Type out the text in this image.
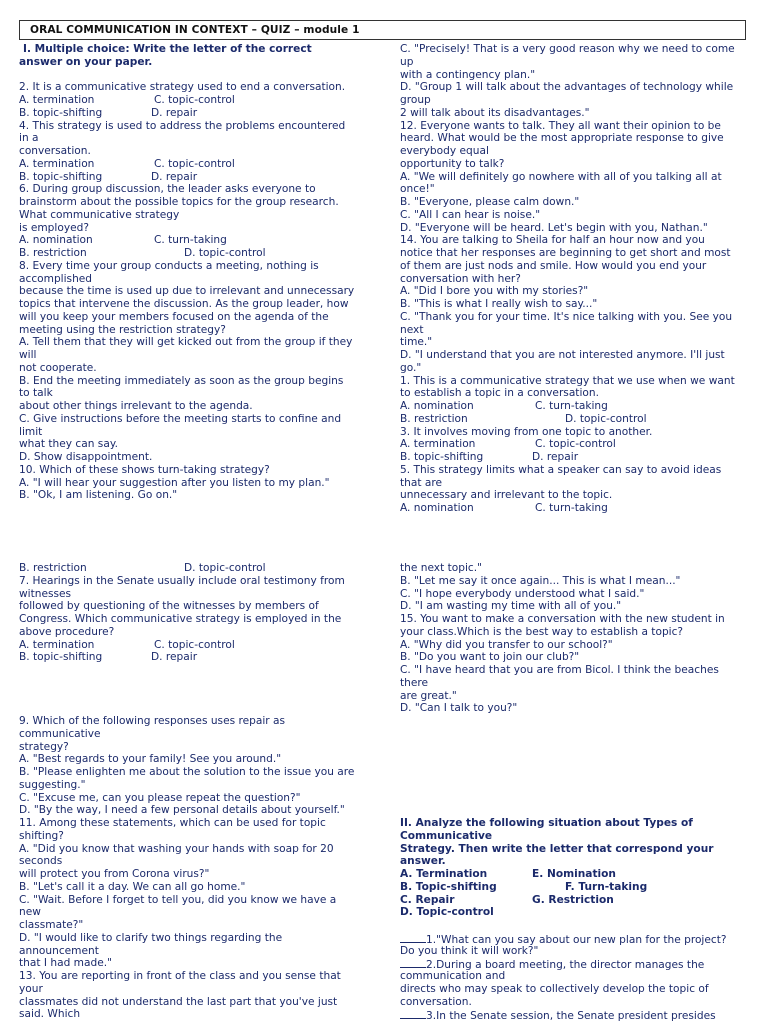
ORAL COMMUNICATION IN CONTEXT – QUIZ – module 1
I. Multiple choice: Write the letter of the correct
answer on your paper.
2. It is a communicative strategy used to end a conversation.
A. termination	C. topic-control
B. topic-shifting	D. repair
4. This strategy is used to address the problems encountered
in a
conversation.
A. termination	C. topic-control
B. topic-shifting	D. repair
6. During group discussion, the leader asks everyone to
brainstorm about the possible topics for the group research.
What communicative strategy
is employed?
A. nomination	C. turn-taking
B. restriction	D. topic-control
8. Every time your group conducts a meeting, nothing is
accomplished
because the time is used up due to irrelevant and unnecessary
topics that intervene the discussion. As the group leader, how
will you keep your members focused on the agenda of the
meeting using the restriction strategy?
A. Tell them that they will get kicked out from the group if they
will
not cooperate.
B. End the meeting immediately as soon as the group begins
to talk
about other things irrelevant to the agenda.
C. Give instructions before the meeting starts to confine and
limit
what they can say.
D. Show disappointment.
10. Which of these shows turn-taking strategy?
A. "I will hear your suggestion after you listen to my plan."
B. "Ok, I am listening. Go on."
C. "Precisely! That is a very good reason why we need to come
up
with a contingency plan."
D. "Group 1 will talk about the advantages of technology while
group
2 will talk about its disadvantages."
12. Everyone wants to talk. They all want their opinion to be
heard. What would be the most appropriate response to give
everybody equal
opportunity to talk?
A. "We will definitely go nowhere with all of you talking all at
once!"
B. "Everyone, please calm down."
C. "All I can hear is noise."
D. "Everyone will be heard. Let's begin with you, Nathan."
14. You are talking to Sheila for half an hour now and you
notice that her responses are beginning to get short and most
of them are just nods and smile. How would you end your
conversation with her?
A. "Did I bore you with my stories?"
B. "This is what I really wish to say..."
C. "Thank you for your time. It's nice talking with you. See you
next
time."
D. "I understand that you are not interested anymore. I'll just
go."
1. This is a communicative strategy that we use when we want
to establish a topic in a conversation.
A. nomination	C. turn-taking
B. restriction	D. topic-control
3. It involves moving from one topic to another.
A. termination	C. topic-control
B. topic-shifting	D. repair
5. This strategy limits what a speaker can say to avoid ideas
that are
unnecessary and irrelevant to the topic.
A. nomination	C. turn-taking
B. restriction	D. topic-control
7. Hearings in the Senate usually include oral testimony from
witnesses
followed by questioning of the witnesses by members of
Congress. Which communicative strategy is employed in the
above procedure?
A. termination	C. topic-control
B. topic-shifting	D. repair
the next topic."
B. "Let me say it once again... This is what I mean..."
C. "I hope everybody understood what I said."
D. "I am wasting my time with all of you."
15. You want to make a conversation with the new student in
your class.Which is the best way to establish a topic?
A. "Why did you transfer to our school?"
B. "Do you want to join our club?"
C. "I have heard that you are from Bicol. I think the beaches
there
are great."
D. "Can I talk to you?"
9. Which of the following responses uses repair as
communicative
strategy?
A. "Best regards to your family! See you around."
B. "Please enlighten me about the solution to the issue you are
suggesting."
C. "Excuse me, can you please repeat the question?"
D. "By the way, I need a few personal details about yourself."
11. Among these statements, which can be used for topic
shifting?
A. "Did you know that washing your hands with soap for 20
seconds
will protect you from Corona virus?"
B. "Let's call it a day. We can all go home."
C. "Wait. Before I forget to tell you, did you know we have a
new
classmate?"
D. "I would like to clarify two things regarding the
announcement
that I had made."
13. You are reporting in front of the class and you sense that
your
classmates did not understand the last part that you've just
said. Which
II. Analyze the following situation about Types of
Communicative
Strategy. Then write the letter that correspond your
answer.
A. Termination	E. Nomination
B. Topic-shifting	F. Turn-taking
C. Repair	G. Restriction
D. Topic-control
1."What can you say about our new plan for the project?
Do you think it will work?"
2.During a board meeting, the director manages the
communication and
directs who may speak to collectively develop the topic of
conversation.
3.In the Senate session, the Senate president presides
